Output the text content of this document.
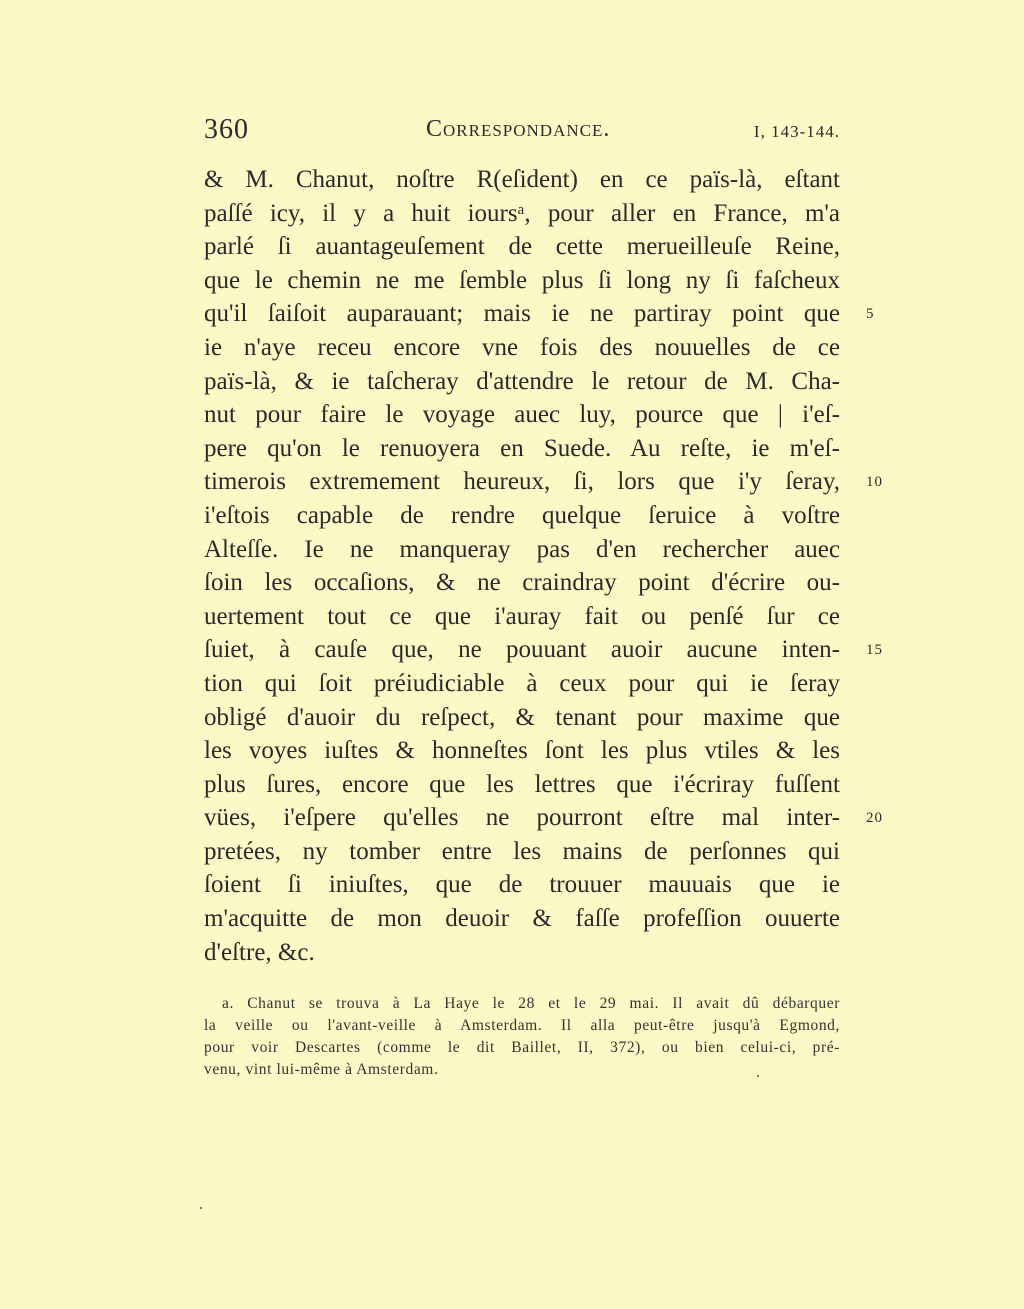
360	Correspondance.	I, 143-144.
& M. Chanut, noſtre R(eſident) en ce païs-là, eſtant
paſſé icy, il y a huit ioursᵃ, pour aller en France, m'a
parlé ſi auantageuſement de cette merueilleuſe Reine,
que le chemin ne me ſemble plus ſi long ny ſi faſcheux
qu'il ſaiſoit auparauant; mais ie ne partiray point que 5
ie n'aye receu encore vne fois des nouuelles de ce
païs-là, & ie taſcheray d'attendre le retour de M. Cha-
nut pour faire le voyage auec luy, pource que | i'eſ-
pere qu'on le renuoyera en Suede. Au reſte, ie m'eſ-
timerois extremement heureux, ſi, lors que i'y ſeray, 10
i'eſtois capable de rendre quelque ſeruice à voſtre
Alteſſe. Ie ne manqueray pas d'en rechercher auec
ſoin les occaſions, & ne craindray point d'écrire ou-
uertement tout ce que i'auray fait ou penſé ſur ce
ſuiet, à cauſe que, ne pouuant auoir aucune inten- 15
tion qui ſoit préiudiciable à ceux pour qui ie ſeray
obligé d'auoir du reſpect, & tenant pour maxime que
les voyes iuſtes & honneſtes ſont les plus vtiles & les
plus ſures, encore que les lettres que i'écriray fuſſent
vües, i'eſpere qu'elles ne pourront eſtre mal inter- 20
pretées, ny tomber entre les mains de perſonnes qui
ſoient ſi iniuſtes, que de trouuer mauuais que ie
m'acquitte de mon deuoir & faſſe profeſſion ouuerte
d'eſtre, &c.
a. Chanut se trouva à La Haye le 28 et le 29 mai. Il avait dû débarquer
la veille ou l'avant-veille à Amsterdam. Il alla peut-être jusqu'à Egmond,
pour voir Descartes (comme le dit Baillet, II, 372), ou bien celui-ci, pré-
venu, vint lui-même à Amsterdam.
